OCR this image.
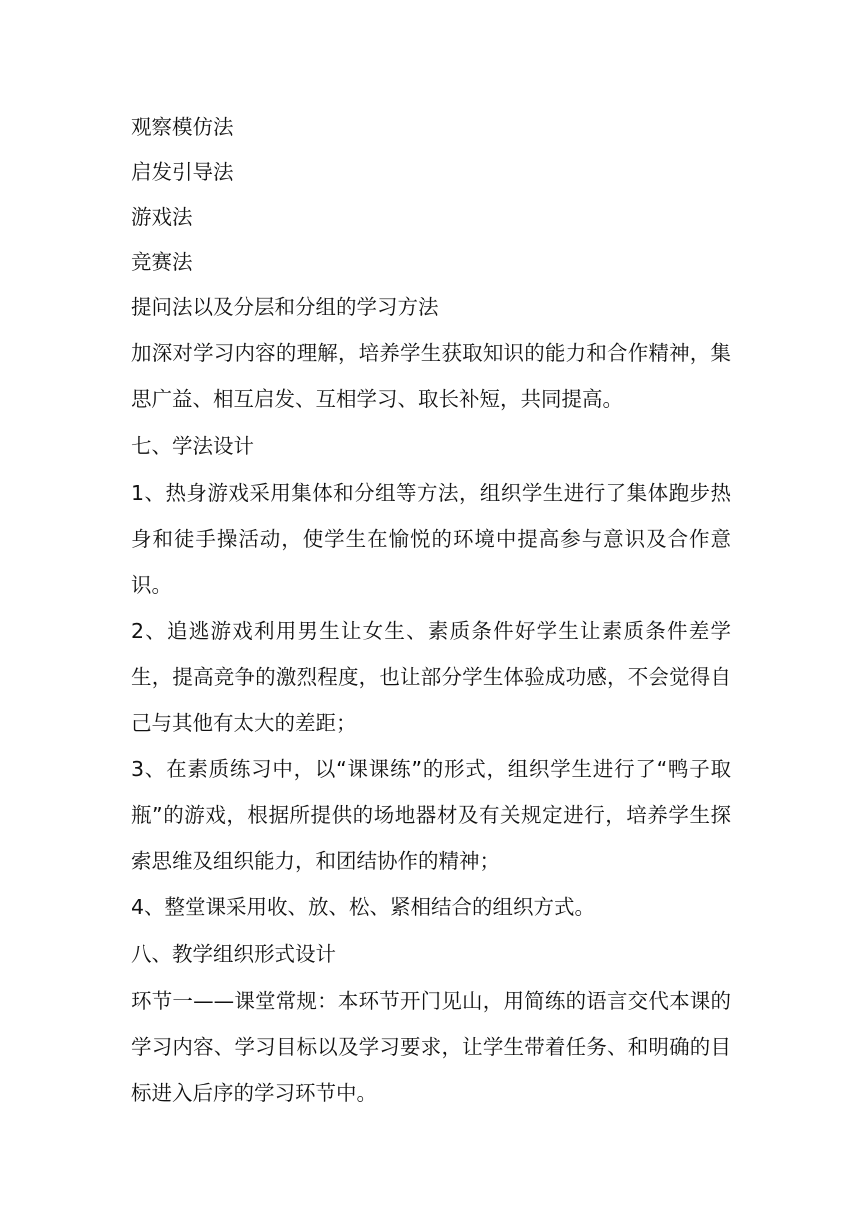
观察模仿法
启发引导法
游戏法
竞赛法
提问法以及分层和分组的学习方法
加深对学习内容的理解，培养学生获取知识的能力和合作精神，集思广益、相互启发、互相学习、取长补短，共同提高。
七、学法设计
1、热身游戏采用集体和分组等方法，组织学生进行了集体跑步热身和徒手操活动，使学生在愉悦的环境中提高参与意识及合作意识。
2、追逃游戏利用男生让女生、素质条件好学生让素质条件差学生，提高竞争的激烈程度，也让部分学生体验成功感，不会觉得自己与其他有太大的差距；
3、在素质练习中，以“课课练”的形式，组织学生进行了“鸭子取瓶”的游戏，根据所提供的场地器材及有关规定进行，培养学生探索思维及组织能力，和团结协作的精神；
4、整堂课采用收、放、松、紧相结合的组织方式。
八、教学组织形式设计
环节一——课堂常规：本环节开门见山，用简练的语言交代本课的学习内容、学习目标以及学习要求，让学生带着任务、和明确的目标进入后序的学习环节中。
